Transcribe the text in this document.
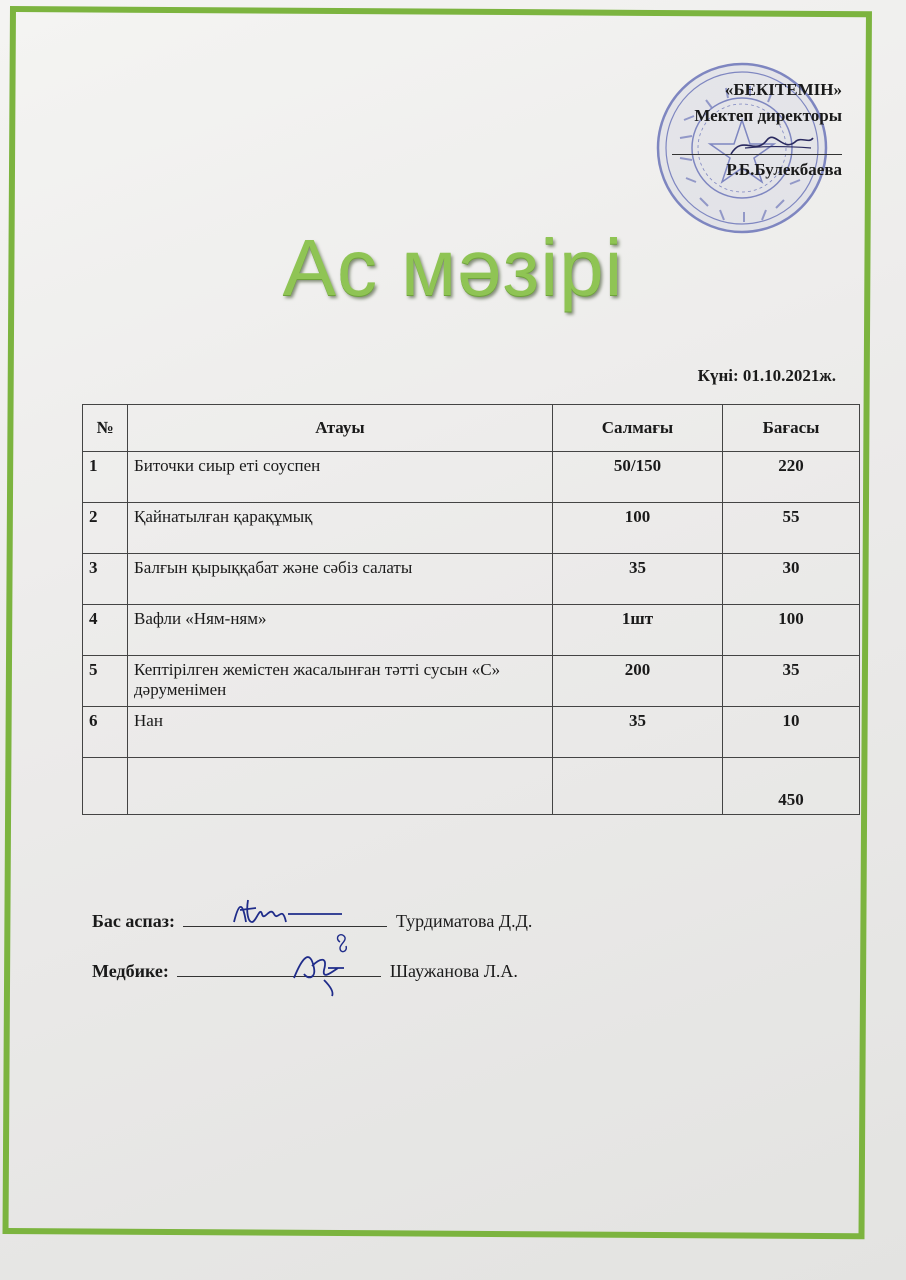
«БЕКІТЕМІН»
Мектеп директоры
Р.Б.Булекбаева
Ас мәзірі
Күні: 01.10.2021ж.
№	Атауы	Салмағы	Бағасы
1	Биточки сиыр еті соуспен	50/150	220
2	Қайнатылған қарақұмық	100	55
3	Балғын қырыққабат және сәбіз салаты	35	30
4	Вафли «Ням-ням»	1шт	100
5	Кептірілген жемістен жасалынған тәтті сусын «С» дәруменімен	200	35
6	Нан	35	10
			450
Бас аспаз:	Турдиматова Д.Д.
Медбике:	Шаужанова Л.А.
